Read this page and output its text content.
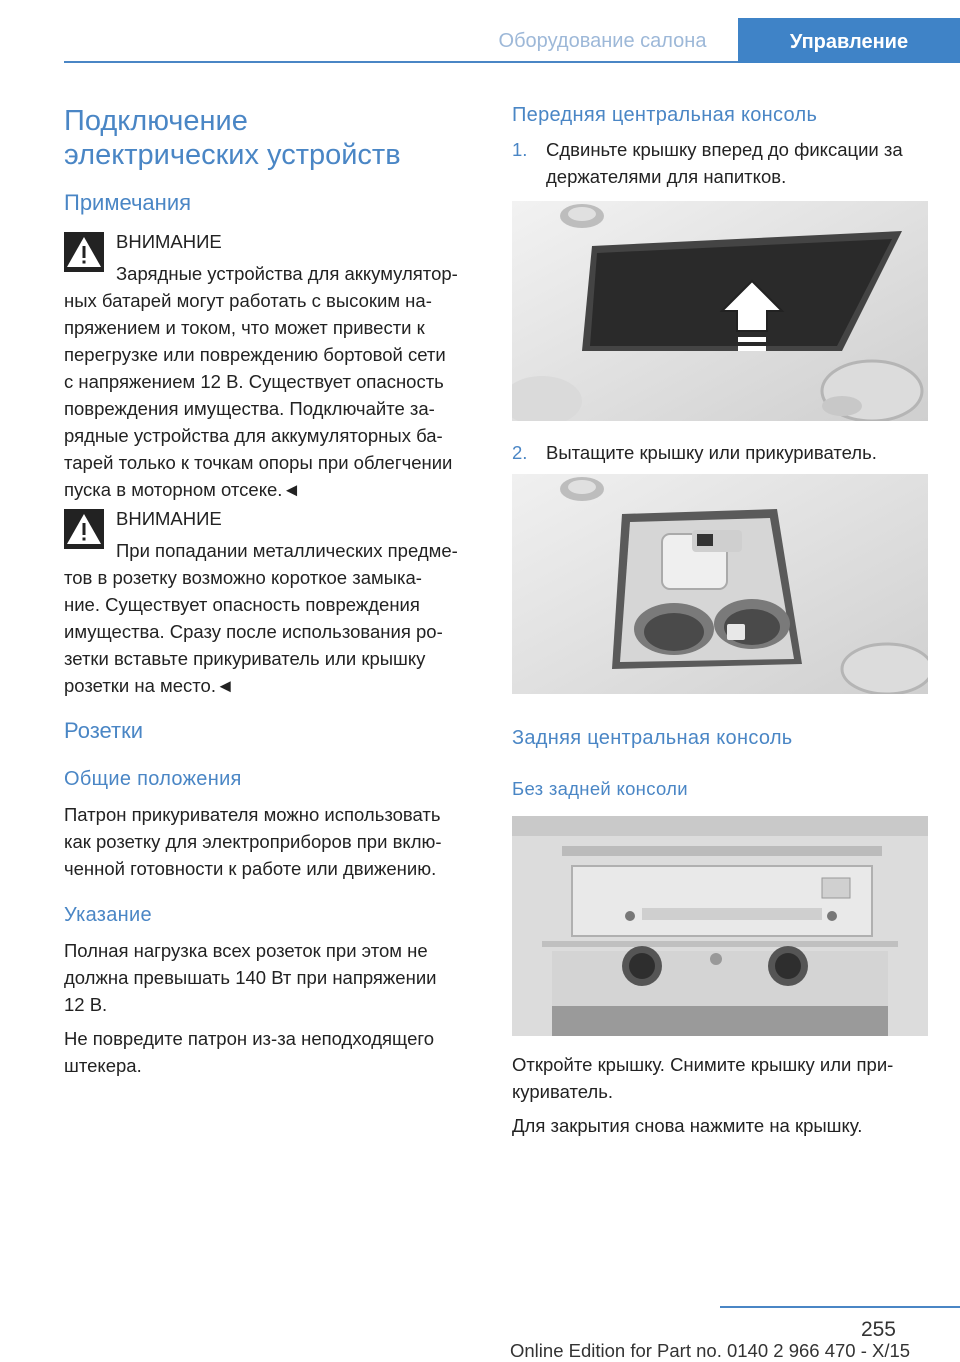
Оборудование салона	Управление
Подключение
электрических устройств
Примечания
ВНИМАНИЕ
Зарядные устройства для аккумулятор‐
ных батарей могут работать с высоким на‐
пряжением и током, что может привести к
перегрузке или повреждению бортовой сети
с напряжением 12 В. Существует опасность
повреждения имущества. Подключайте за‐
рядные устройства для аккумуляторных ба‐
тарей только к точкам опоры при облегчении
пуска в моторном отсеке.◄
ВНИМАНИЕ
При попадании металлических предме‐
тов в розетку возможно короткое замыка‐
ние. Существует опасность повреждения
имущества. Сразу после использования ро‐
зетки вставьте прикуриватель или крышку
розетки на место.◄
Розетки
Общие положения
Патрон прикуривателя можно использовать
как розетку для электроприборов при вклю‐
ченной готовности к работе или движению.
Указание
Полная нагрузка всех розеток при этом не
должна превышать 140 Вт при напряжении
12 В.
Не повредите патрон из-за неподходящего
штекера.
Передняя центральная консоль
1. Сдвиньте крышку вперед до фиксации за
держателями для напитков.
2. Вытащите крышку или прикуриватель.
Задняя центральная консоль
Без задней консоли
Откройте крышку. Снимите крышку или при‐
куриватель.
Для закрытия снова нажмите на крышку.
255
Online Edition for Part no. 0140 2 966 470 - X/15
